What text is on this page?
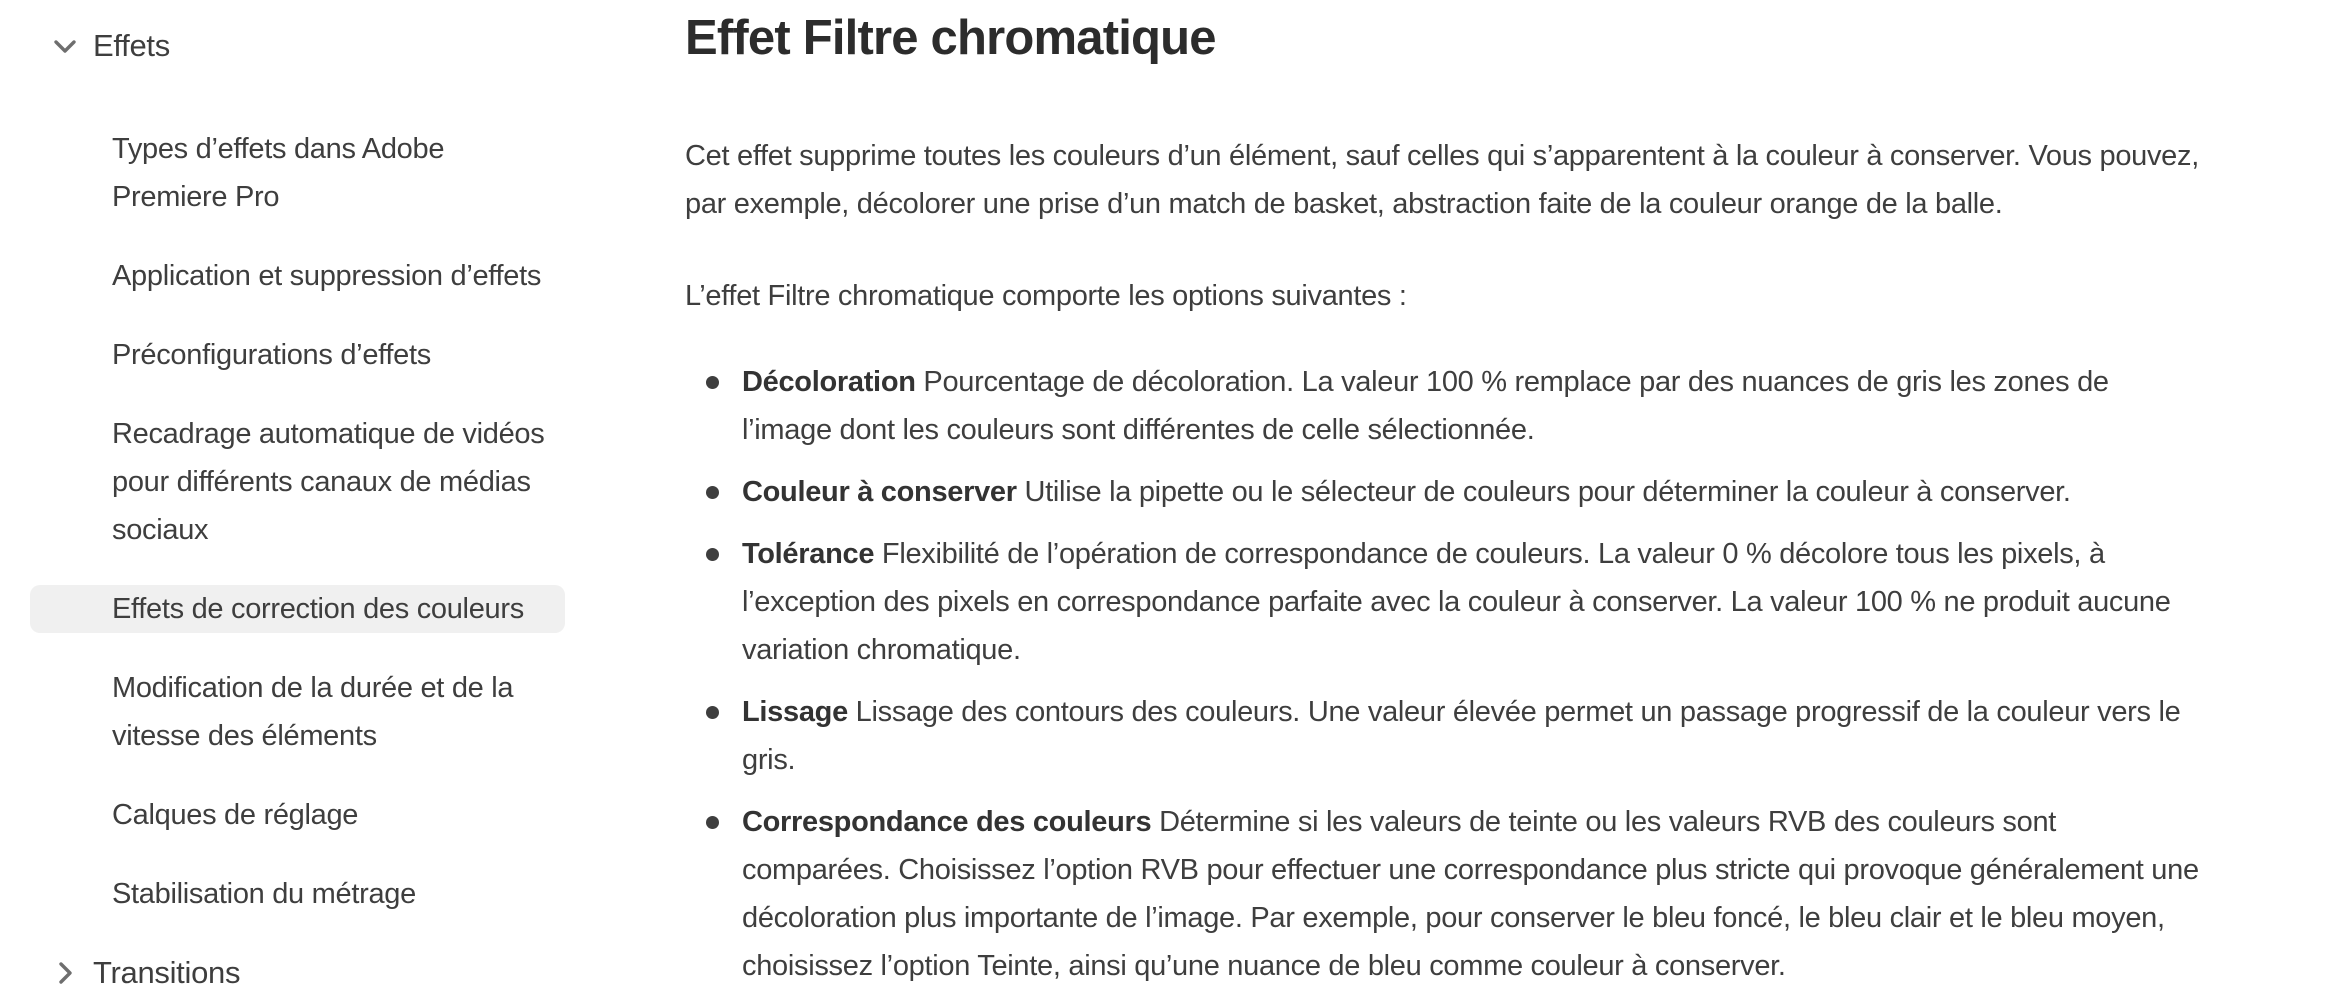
Effets
Types d’effets dans Adobe Premiere Pro
Application et suppression d’effets
Préconfigurations d’effets
Recadrage automatique de vidéos pour différents canaux de médias sociaux
Effets de correction des couleurs
Modification de la durée et de la vitesse des éléments
Calques de réglage
Stabilisation du métrage
Transitions
Effet Filtre chromatique

Cet effet supprime toutes les couleurs d’un élément, sauf celles qui s’apparentent à la couleur à conserver. Vous pouvez, par exemple, décolorer une prise d’un match de basket, abstraction faite de la couleur orange de la balle.

L’effet Filtre chromatique comporte les options suivantes :

Décoloration Pourcentage de décoloration. La valeur 100 % remplace par des nuances de gris les zones de l’image dont les couleurs sont différentes de celle sélectionnée.
Couleur à conserver Utilise la pipette ou le sélecteur de couleurs pour déterminer la couleur à conserver.
Tolérance Flexibilité de l’opération de correspondance de couleurs. La valeur 0 % décolore tous les pixels, à l’exception des pixels en correspondance parfaite avec la couleur à conserver. La valeur 100 % ne produit aucune variation chromatique.
Lissage Lissage des contours des couleurs. Une valeur élevée permet un passage progressif de la couleur vers le gris.
Correspondance des couleurs Détermine si les valeurs de teinte ou les valeurs RVB des couleurs sont comparées. Choisissez l’option RVB pour effectuer une correspondance plus stricte qui provoque généralement une décoloration plus importante de l’image. Par exemple, pour conserver le bleu foncé, le bleu clair et le bleu moyen, choisissez l’option Teinte, ainsi qu’une nuance de bleu comme couleur à conserver.
